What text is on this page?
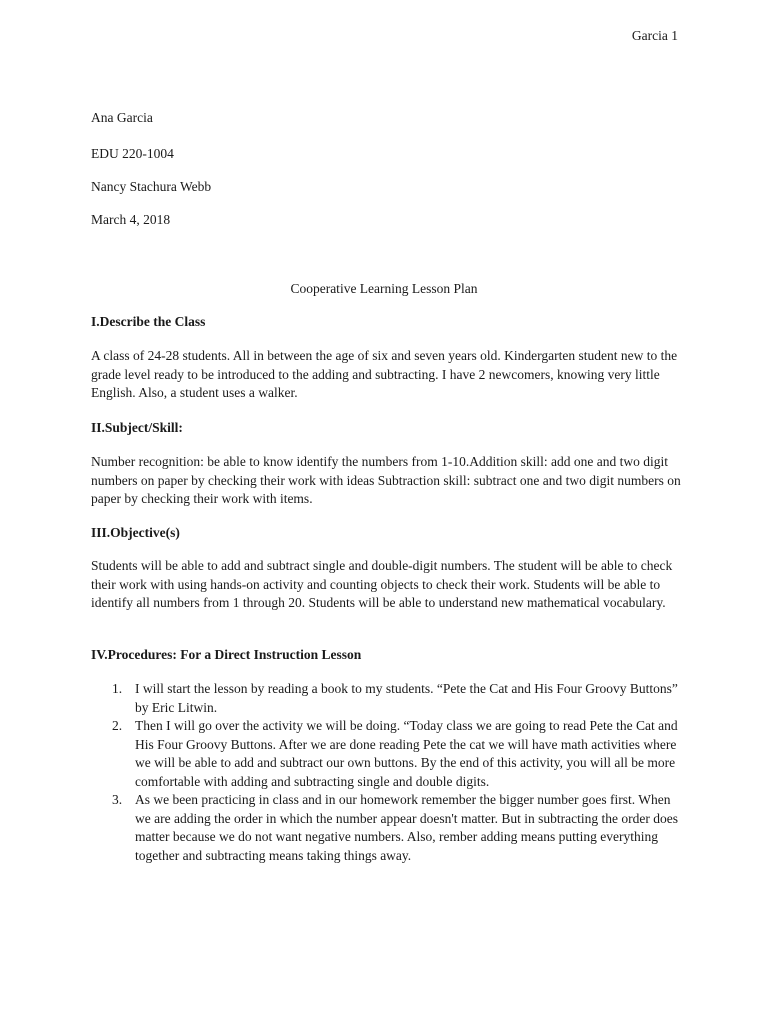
Garcia 1
Ana Garcia
EDU 220-1004
Nancy Stachura Webb
March 4, 2018
Cooperative Learning Lesson Plan
I.Describe the Class

A class of 24-28 students. All in between the age of six and seven years old. Kindergarten student new to the grade level ready to be introduced to the adding and subtracting. I have 2 newcomers, knowing very little English. Also, a student uses a walker.

II.Subject/Skill:

Number recognition: be able to know identify the numbers from 1-10.Addition skill: add one and two digit numbers on paper by checking their work with ideas Subtraction skill: subtract one and two digit numbers on paper by checking their work with items.

III.Objective(s)

Students will be able to add and subtract single and double-digit numbers. The student will be able to check their work with using hands-on activity and counting objects to check their work. Students will be able to identify all numbers from 1 through 20. Students will be able to understand new mathematical vocabulary.

IV.Procedures: For a Direct Instruction Lesson
1. I will start the lesson by reading a book to my students. “Pete the Cat and His Four Groovy Buttons” by Eric Litwin.
2. Then I will go over the activity we will be doing. “Today class we are going to read Pete the Cat and His Four Groovy Buttons. After we are done reading Pete the cat we will have math activities where we will be able to add and subtract our own buttons. By the end of this activity, you will all be more comfortable with adding and subtracting single and double digits.
3. As we been practicing in class and in our homework remember the bigger number goes first. When we are adding the order in which the number appear doesn't matter. But in subtracting the order does matter because we do not want negative numbers. Also, rember adding means putting everything together and subtracting means taking things away.
